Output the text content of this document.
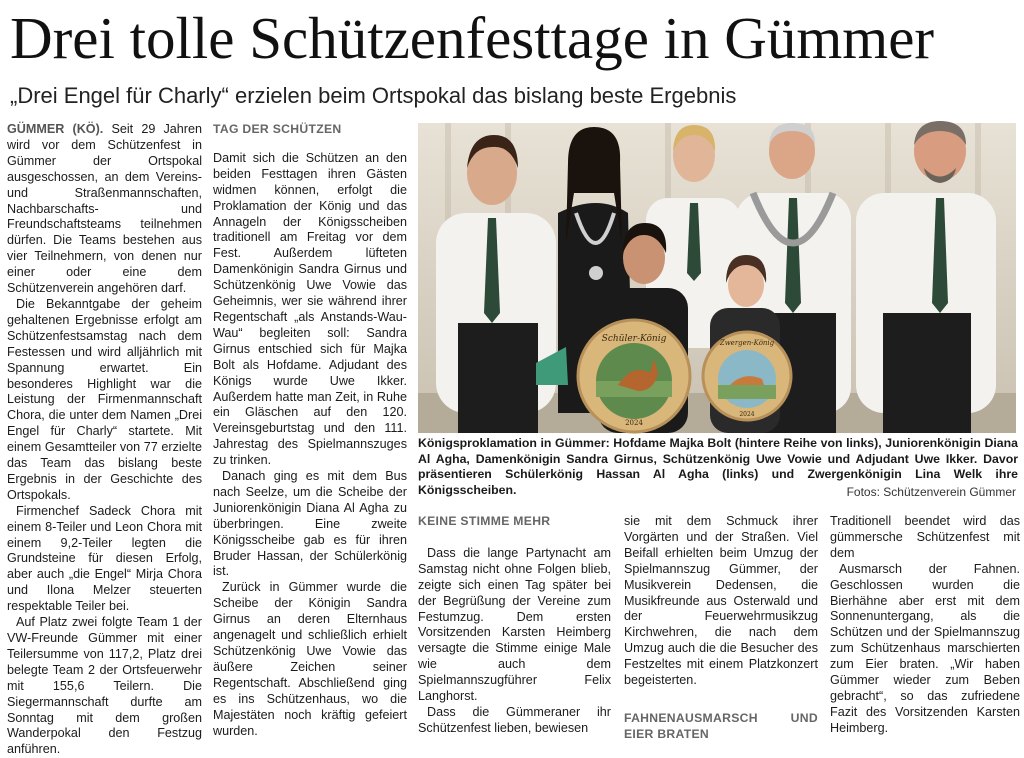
Drei tolle Schützenfesttage in Gümmer
„Drei Engel für Charly“ erzielen beim Ortspokal das bislang beste Ergebnis

GÜMMER (KÖ). Seit 29 Jahren wird vor dem Schützenfest in Gümmer der Ortspokal ausgeschossen, an dem Vereins- und Straßenmannschaften, Nachbarschafts- und Freundschaftsteams teilnehmen dürfen. Die Teams bestehen aus vier Teilnehmern, von denen nur einer oder eine dem Schützenverein angehören darf.

Die Bekanntgabe der geheim gehaltenen Ergebnisse erfolgt am Schützenfestsamstag nach dem Festessen und wird alljährlich mit Spannung erwartet. Ein besonderes Highlight war die Leistung der Firmenmannschaft Chora, die unter dem Namen „Drei Engel für Charly“ startete. Mit einem Gesamtteiler von 77 erzielte das Team das bislang beste Ergebnis in der Geschichte des Ortspokals.

Firmenchef Sadeck Chora mit einem 8-Teiler und Leon Chora mit einem 9,2-Teiler legten die Grundsteine für diesen Erfolg, aber auch „die Engel“ Mirja Chora und Ilona Melzer steuerten respektable Teiler bei.

Auf Platz zwei folgte Team 1 der VW-Freunde Gümmer mit einer Teilersumme von 117,2, Platz drei belegte Team 2 der Ortsfeuerwehr mit 155,6 Teilern. Die Siegermannschaft durfte am Sonntag mit dem großen Wanderpokal den Festzug anführen.

TAG DER SCHÜTZEN

Damit sich die Schützen an den beiden Festtagen ihren Gästen widmen können, erfolgt die Proklamation der König und das Annageln der Königsscheiben traditionell am Freitag vor dem Fest. Außerdem lüfteten Damenkönigin Sandra Girnus und Schützenkönig Uwe Vowie das Geheimnis, wer sie während ihrer Regentschaft „als Anstands-Wau-Wau“ begleiten soll: Sandra Girnus entschied sich für Majka Bolt als Hofdame. Adjudant des Königs wurde Uwe Ikker. Außerdem hatte man Zeit, in Ruhe ein Gläschen auf den 120. Vereinsgeburtstag und den 111. Jahrestag des Spielmannszuges zu trinken.

Danach ging es mit dem Bus nach Seelze, um die Scheibe der Juniorenkönigin Diana Al Agha zu überbringen. Eine zweite Königsscheibe gab es für ihren Bruder Hassan, der Schülerkönig ist.

Zurück in Gümmer wurde die Scheibe der Königin Sandra Girnus an deren Elternhaus angenagelt und schließlich erhielt Schützenkönig Uwe Vowie das äußere Zeichen seiner Regentschaft. Abschließend ging es ins Schützenhaus, wo die Majestäten noch kräftig gefeiert wurden.

Schüler-König
2024
Zwergen-König
2024
Königsproklamation in Gümmer: Hofdame Majka Bolt (hintere Reihe von links), Juniorenkönigin Diana Al Agha, Damenkönigin Sandra Girnus, Schützenkönig Uwe Vowie und Adjudant Uwe Ikker. Davor präsentieren Schülerkönig Hassan Al Agha (links) und Zwergenkönigin Lina Welk ihre Königsscheiben.	Fotos: Schützenverein Gümmer
KEINE STIMME MEHR

Dass die lange Partynacht am Samstag nicht ohne Folgen blieb, zeigte sich einen Tag später bei der Begrüßung der Vereine zum Festumzug. Dem ersten Vorsitzenden Karsten Heimberg versagte die Stimme einige Male wie auch dem Spielmannszugführer Felix Langhorst.

Dass die Gümmeraner ihr Schützenfest lieben, bewiesen

sie mit dem Schmuck ihrer Vorgärten und der Straßen. Viel Beifall erhielten beim Umzug der Spielmannszug Gümmer, der Musikverein Dedensen, die Musikfreunde aus Osterwald und der Feuerwehrmusikzug Kirchwehren, die nach dem Umzug auch die die Besucher des Festzeltes mit einem Platzkonzert begeisterten.

FAHNENAUSMARSCH UND EIER BRATEN

Traditionell beendet wird das gümmersche Schützenfest mit dem

Ausmarsch der Fahnen. Geschlossen wurden die Bierhähne aber erst mit dem Sonnenuntergang, als die Schützen und der Spielmannszug zum Schützenhaus marschierten zum Eier braten. „Wir haben Gümmer wieder zum Beben gebracht“, so das zufriedene Fazit des Vorsitzenden Karsten Heimberg.
